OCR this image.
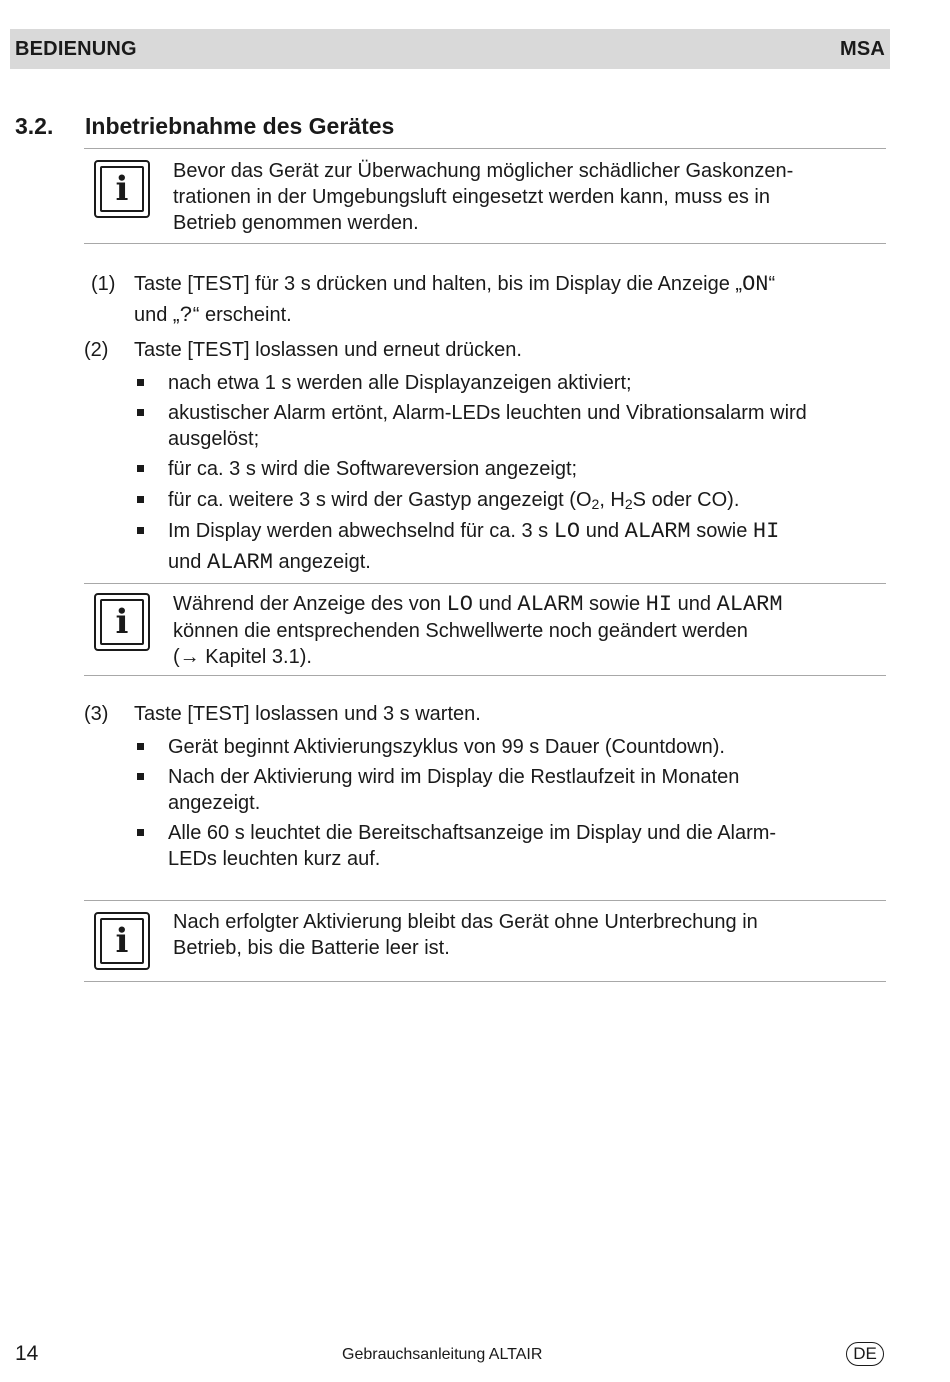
BEDIENUNG	MSA
3.2. Inbetriebnahme des Gerätes
i	Bevor das Gerät zur Überwachung möglicher schädlicher Gaskonzen-
trationen in der Umgebungsluft eingesetzt werden kann, muss es in
Betrieb genommen werden.
(1) Taste [TEST] für 3 s drücken und halten, bis im Display die Anzeige „ON“
und „?“ erscheint.
(2) Taste [TEST] loslassen und erneut drücken.
nach etwa 1 s werden alle Displayanzeigen aktiviert;
akustischer Alarm ertönt, Alarm-LEDs leuchten und Vibrationsalarm wird
ausgelöst;
für ca. 3 s wird die Softwareversion angezeigt;
für ca. weitere 3 s wird der Gastyp angezeigt ($O_2$, $H_2S$ oder CO).
Im Display werden abwechselnd für ca. 3 s LO und ALARM sowie HI
und ALARM angezeigt.
i	Während der Anzeige des von LO und ALARM sowie HI und ALARM
können die entsprechenden Schwellwerte noch geändert werden
(→ Kapitel 3.1).
(3) Taste [TEST] loslassen und 3 s warten.
Gerät beginnt Aktivierungszyklus von 99 s Dauer (Countdown).
Nach der Aktivierung wird im Display die Restlaufzeit in Monaten
angezeigt.
Alle 60 s leuchtet die Bereitschaftsanzeige im Display und die Alarm-
LEDs leuchten kurz auf.
i	Nach erfolgter Aktivierung bleibt das Gerät ohne Unterbrechung in
Betrieb, bis die Batterie leer ist.
14	Gebrauchsanleitung ALTAIR	DE
